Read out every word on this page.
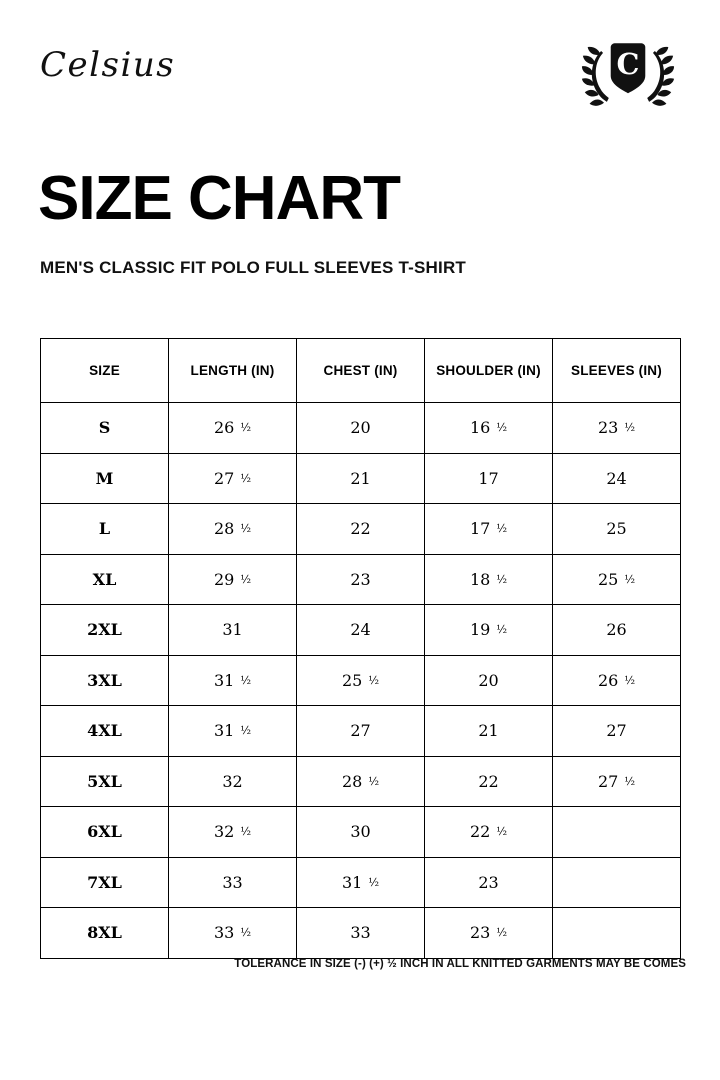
Celsius	C
SIZE CHART
MEN'S CLASSIC FIT POLO FULL SLEEVES T-SHIRT
SIZE	LENGTH (IN)	CHEST (IN)	SHOULDER (IN)	SLEEVES (IN)
S	26 ½	20	16 ½	23 ½
M	27 ½	21	17	24
L	28 ½	22	17 ½	25
XL	29 ½	23	18 ½	25 ½
2XL	31	24	19 ½	26
3XL	31 ½	25 ½	20	26 ½
4XL	31 ½	27	21	27
5XL	32	28 ½	22	27 ½
6XL	32 ½	30	22 ½	
7XL	33	31 ½	23	
8XL	33 ½	33	23 ½	
TOLERANCE IN SIZE (-) (+) ½ INCH IN ALL KNITTED GARMENTS MAY BE COMES
